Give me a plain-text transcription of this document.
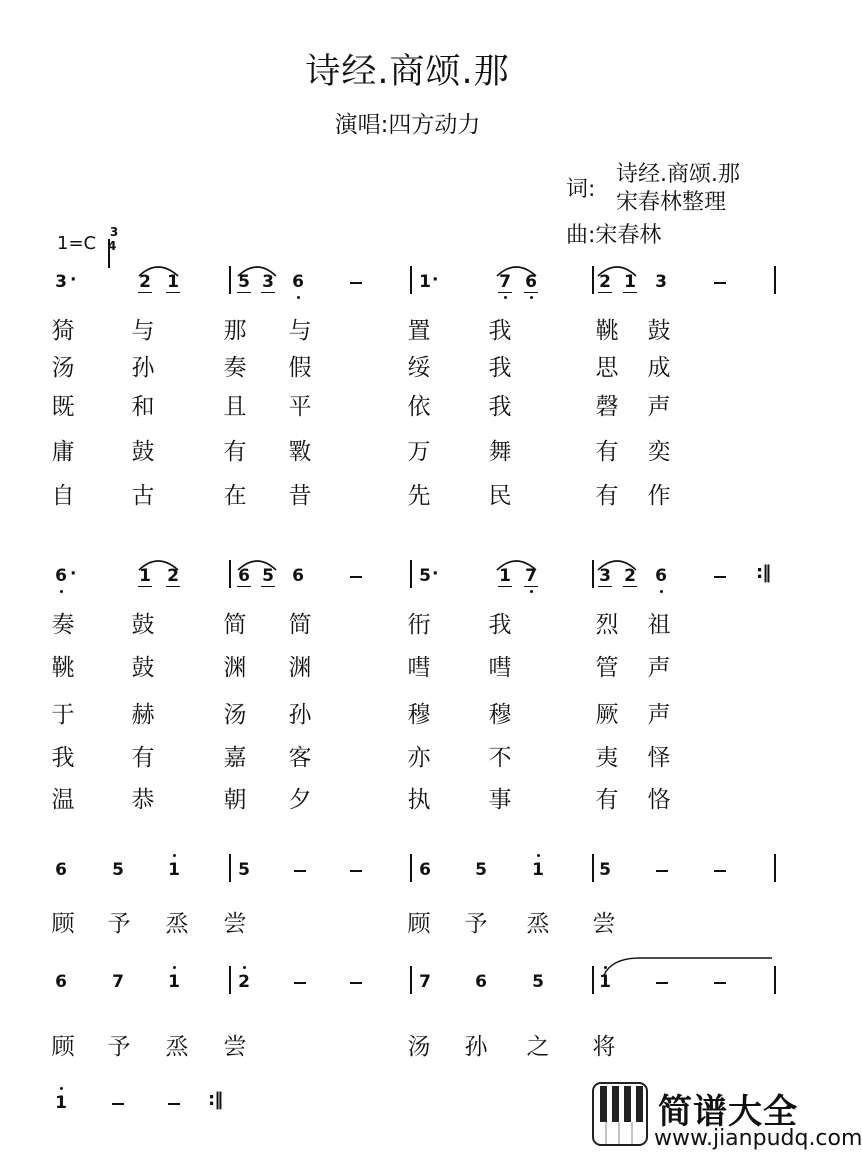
诗经.商颂.那
演唱:四方动力
词:
诗经.商颂.那
宋春林整理
曲:宋春林
1=C
3
4
3 ·	2 1	5 3 6	1 ·	7 6	2 1 3
猗 与	那 与	置	我	鞉 鼓
汤 孙	奏 假	绥	我	思 成
既 和	且 平	依	我	磬 声
庸 鼓	有 斁	万	舞	有 奕
自 古	在 昔	先	民	有 作
6 ·	1 2	6 5 6	5 ·	1 7	3 2 6	:‖
奏 鼓	简 简	衎	我	烈 祖
鞉 鼓	渊 渊	嘒	嘒	管 声
于 赫	汤 孙	穆	穆	厥 声
我 有	嘉 客	亦	不	夷 怿
温 恭	朝 夕	执	事	有 恪
6	5	1	5	6	5	1	5
顾 予 烝 尝	顾 予 烝 尝
6	7	1	2	7	6	5	1
顾 予 烝 尝	汤 孙 之 将
1	:‖	简谱大全
www.jianpudq.com
